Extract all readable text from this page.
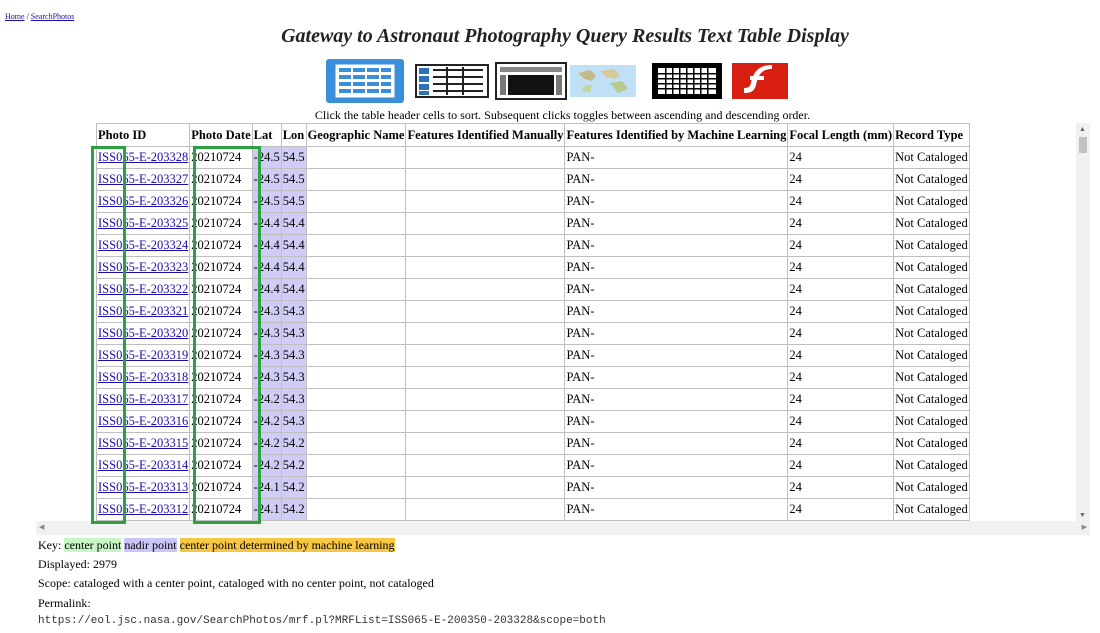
Home / SearchPhotos
Gateway to Astronaut Photography Query Results Text Table Display
Click the table header cells to sort. Subsequent clicks toggles between ascending and descending order.
Photo ID	Photo Date	Lat	Lon	Geographic Name	Features Identified Manually	Features Identified by Machine Learning	Focal Length (mm)	Record Type
ISS065-E-203328	20210724	-24.5	54.5			PAN-	24	Not Cataloged
ISS065-E-203327	20210724	-24.5	54.5			PAN-	24	Not Cataloged
ISS065-E-203326	20210724	-24.5	54.5			PAN-	24	Not Cataloged
ISS065-E-203325	20210724	-24.4	54.4			PAN-	24	Not Cataloged
ISS065-E-203324	20210724	-24.4	54.4			PAN-	24	Not Cataloged
ISS065-E-203323	20210724	-24.4	54.4			PAN-	24	Not Cataloged
ISS065-E-203322	20210724	-24.4	54.4			PAN-	24	Not Cataloged
ISS065-E-203321	20210724	-24.3	54.3			PAN-	24	Not Cataloged
ISS065-E-203320	20210724	-24.3	54.3			PAN-	24	Not Cataloged
ISS065-E-203319	20210724	-24.3	54.3			PAN-	24	Not Cataloged
ISS065-E-203318	20210724	-24.3	54.3			PAN-	24	Not Cataloged
ISS065-E-203317	20210724	-24.2	54.3			PAN-	24	Not Cataloged
ISS065-E-203316	20210724	-24.2	54.3			PAN-	24	Not Cataloged
ISS065-E-203315	20210724	-24.2	54.2			PAN-	24	Not Cataloged
ISS065-E-203314	20210724	-24.2	54.2			PAN-	24	Not Cataloged
ISS065-E-203313	20210724	-24.1	54.2			PAN-	24	Not Cataloged
ISS065-E-203312	20210724	-24.1	54.2			PAN-	24	Not Cataloged
▲
▼
◀	▶
Key: center point nadir point center point determined by machine learning
Displayed: 2979
Scope: cataloged with a center point, cataloged with no center point, not cataloged
Permalink:
https://eol.jsc.nasa.gov/SearchPhotos/mrf.pl?MRFList=ISS065-E-200350-203328&scope=both
